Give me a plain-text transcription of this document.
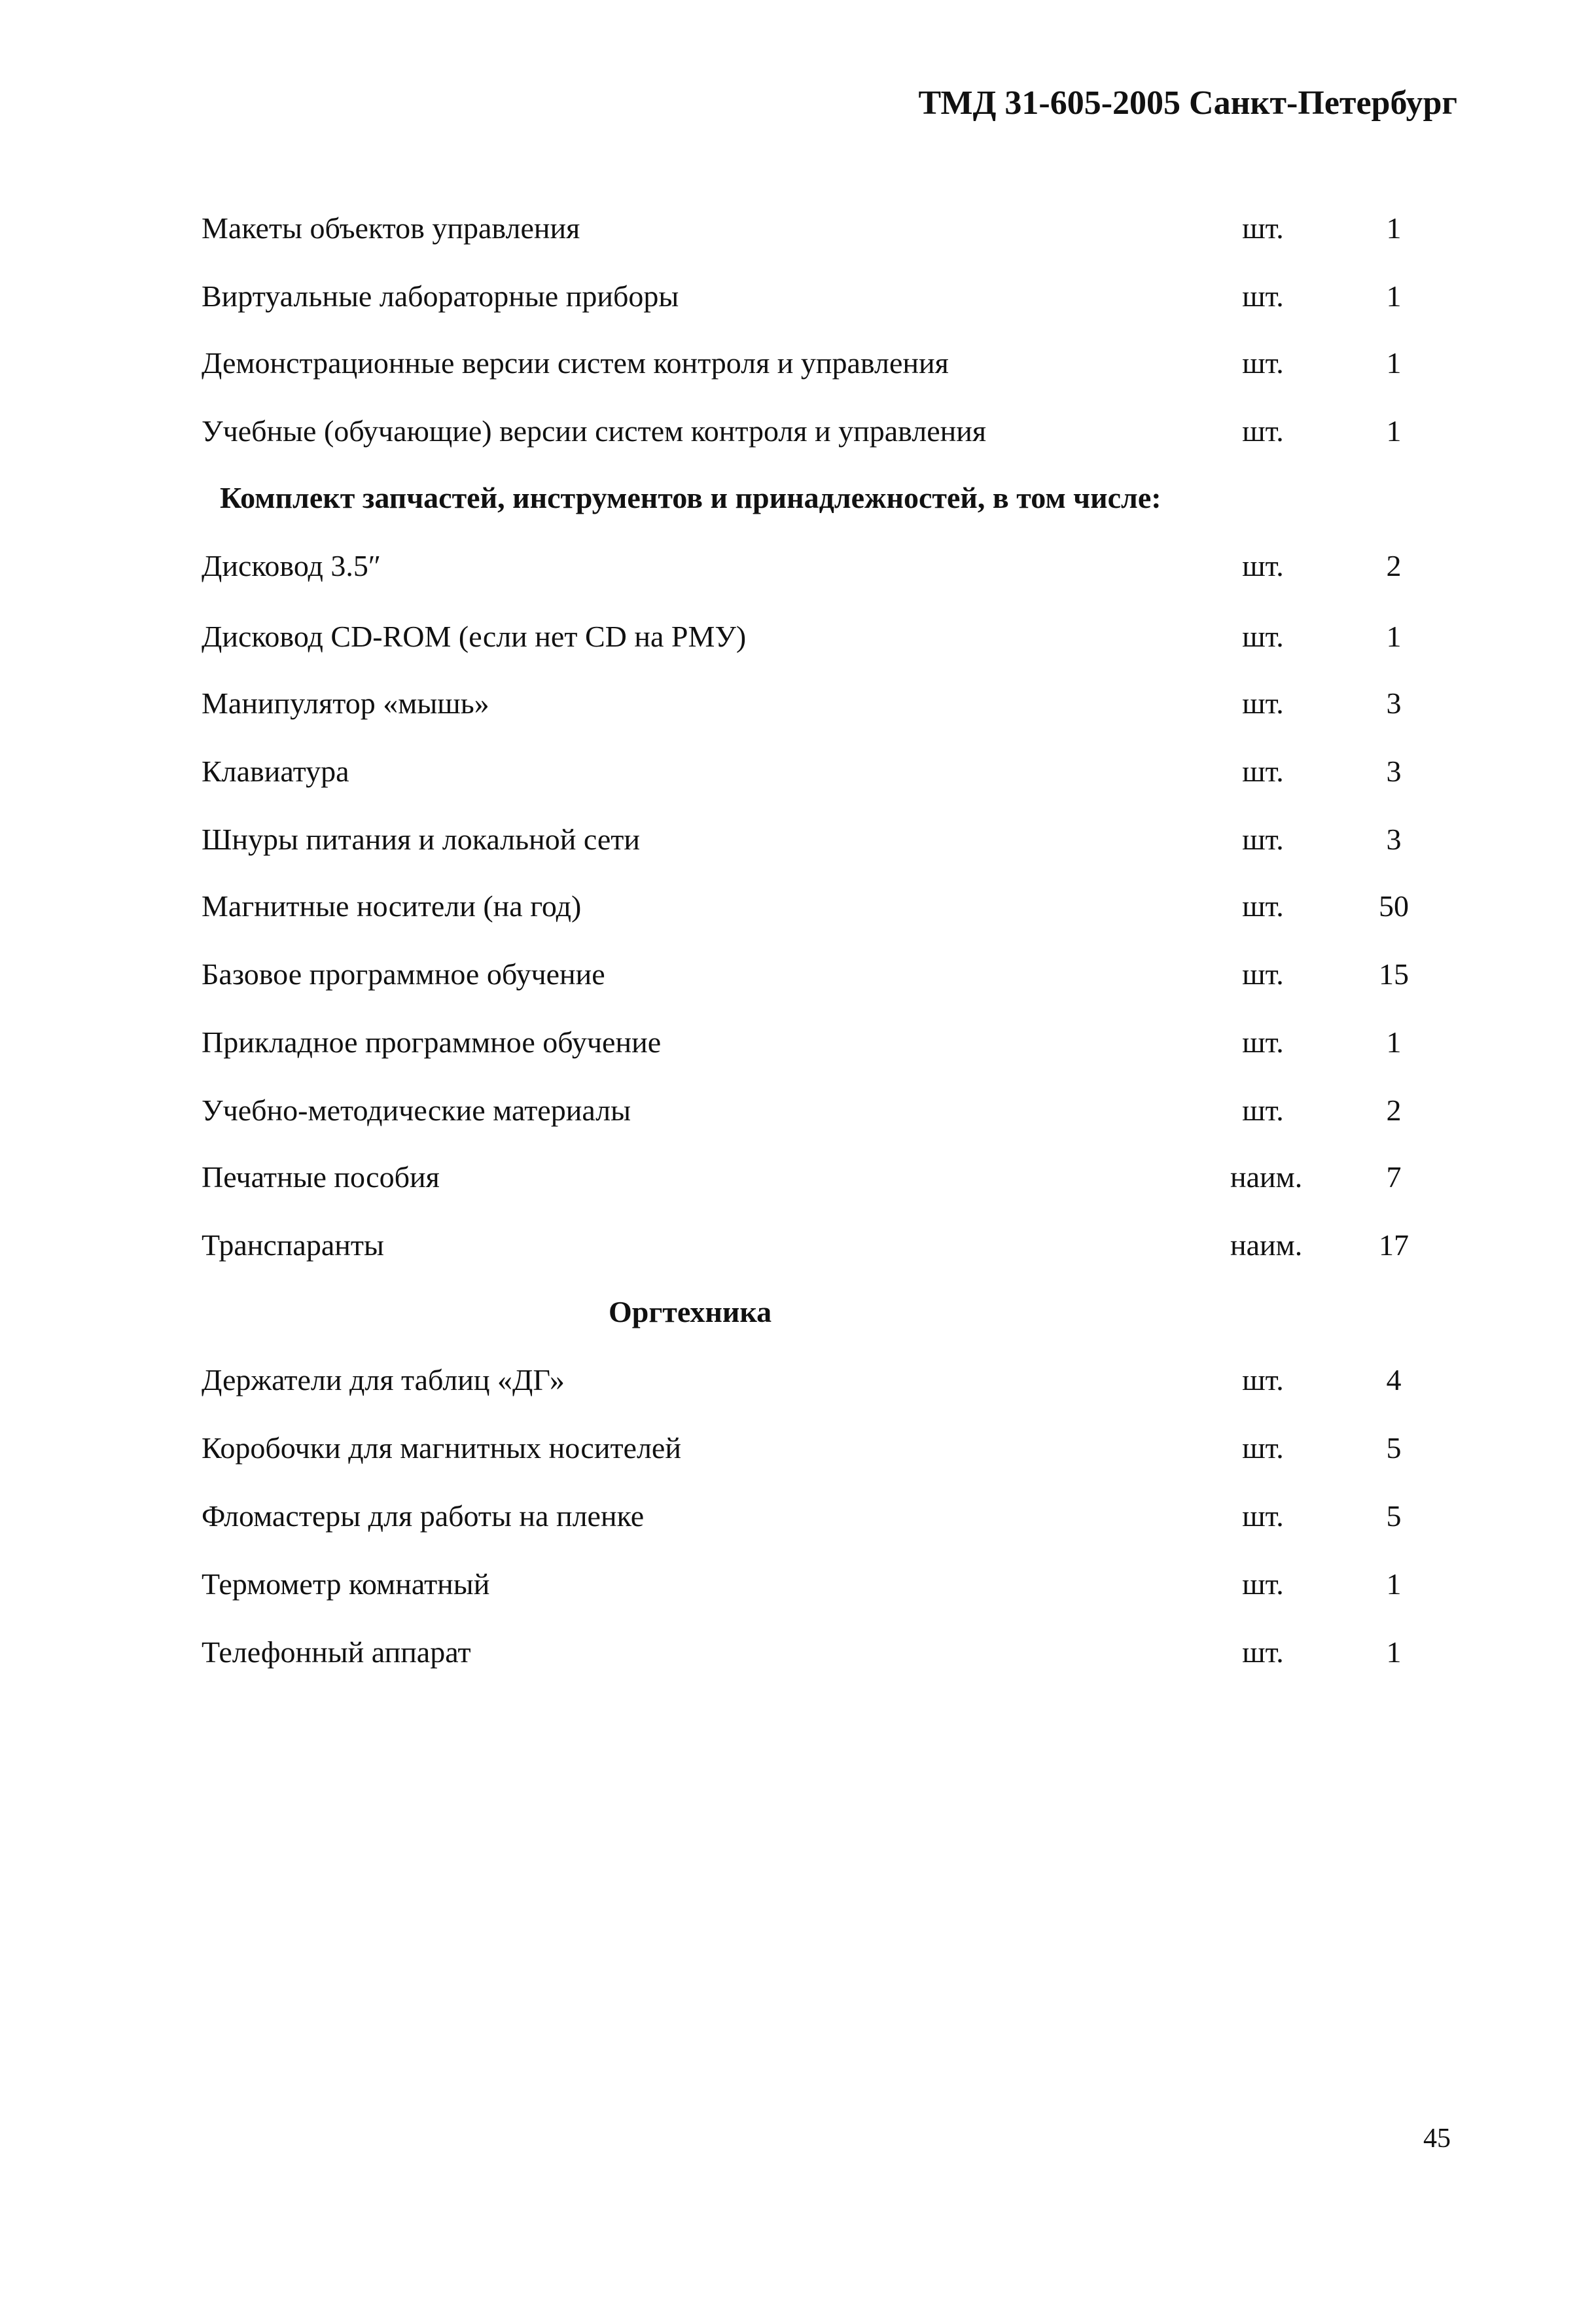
ТМД 31-605-2005 Санкт-Петербург
Макеты объектов управления	шт.	1
Виртуальные лабораторные приборы	шт.	1
Демонстрационные версии систем контроля и управления	шт.	1
Учебные (обучающие) версии систем контроля и управления	шт.	1
Комплект запчастей, инструментов и принадлежностей, в том числе:
Дисковод 3.5″	шт.	2
Дисковод CD-ROM (если нет CD на РМУ)	шт.	1
Манипулятор «мышь»	шт.	3
Клавиатура	шт.	3
Шнуры питания и локальной сети	шт.	3
Магнитные носители (на год)	шт.	50
Базовое программное обучение	шт.	15
Прикладное программное обучение	шт.	1
Учебно-методические материалы	шт.	2
Печатные пособия	наим.	7
Транспаранты	наим.	17
Оргтехника
Держатели для таблиц «ДГ»	шт.	4
Коробочки для магнитных носителей	шт.	5
Фломастеры для работы на пленке	шт.	5
Термометр комнатный	шт.	1
Телефонный аппарат	шт.	1
45
